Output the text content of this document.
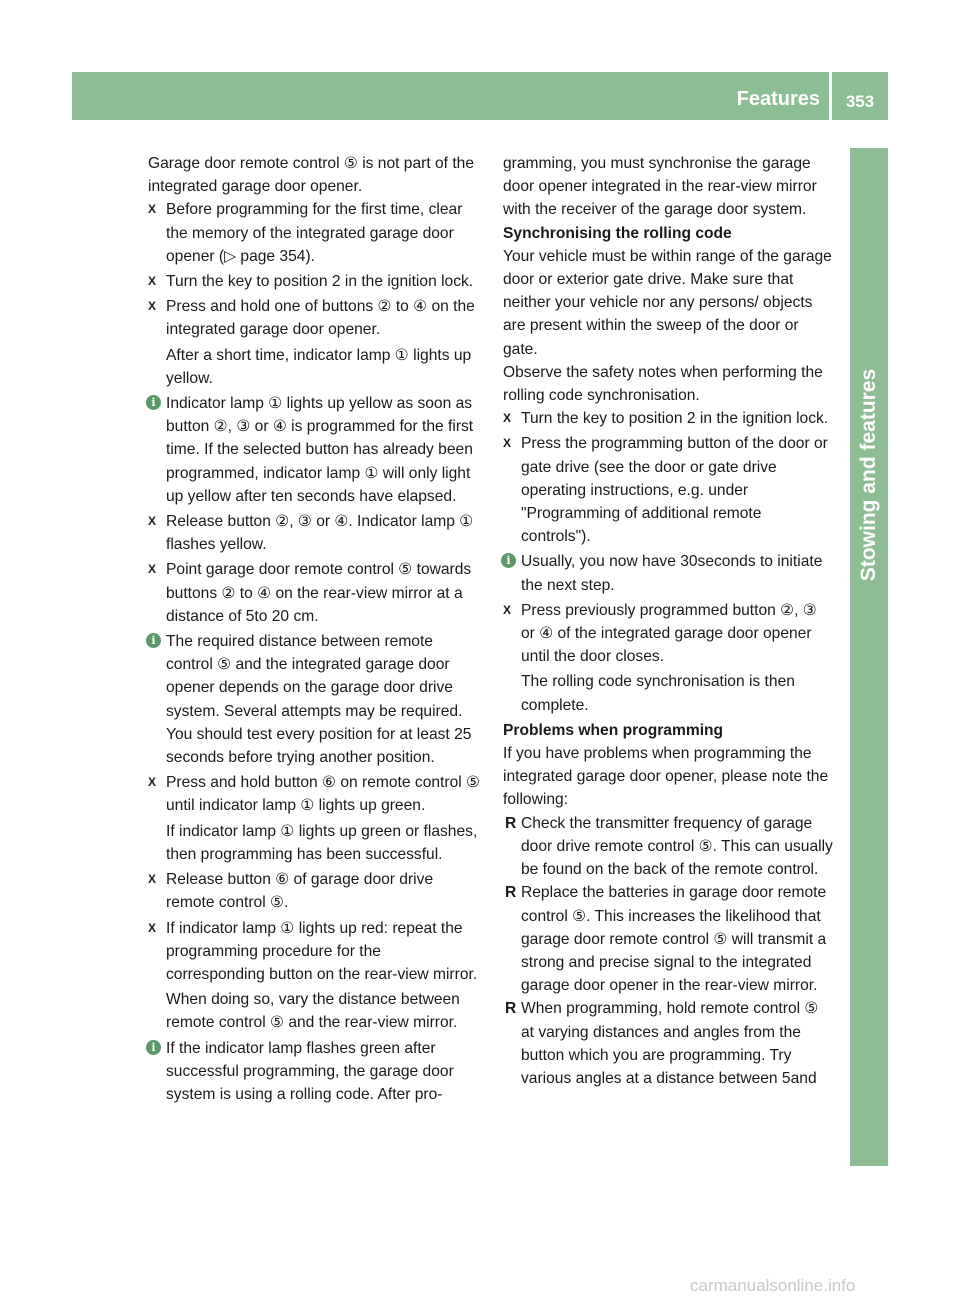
Features	353
Stowing and features

Garage door remote control ⑤ is not part of the integrated garage door opener.

X Before programming for the first time, clear the memory of the integrated garage door opener (▷ page 354).
X Turn the key to position 2 in the ignition lock.
X Press and hold one of buttons ② to ④ on the integrated garage door opener.
After a short time, indicator lamp ① lights up yellow.
i Indicator lamp ① lights up yellow as soon as button ②, ③ or ④ is programmed for the first time. If the selected button has already been programmed, indicator lamp ① will only light up yellow after ten seconds have elapsed.
X Release button ②, ③ or ④. Indicator lamp ① flashes yellow.
X Point garage door remote control ⑤ towards buttons ② to ④ on the rear-view mirror at a distance of 5to 20 cm.
i The required distance between remote control ⑤ and the integrated garage door opener depends on the garage door drive system. Several attempts may be required. You should test every position for at least 25 seconds before trying another position.
X Press and hold button ⑥ on remote control ⑤ until indicator lamp ① lights up green.
If indicator lamp ① lights up green or flashes, then programming has been successful.
X Release button ⑥ of garage door drive remote control ⑤.
X If indicator lamp ① lights up red: repeat the programming procedure for the corresponding button on the rear-view mirror.
When doing so, vary the distance between remote control ⑤ and the rear-view mirror.
i If the indicator lamp flashes green after successful programming, the garage door system is using a rolling code. After pro-

gramming, you must synchronise the garage door opener integrated in the rear-view mirror with the receiver of the garage door system.

Synchronising the rolling code

Your vehicle must be within range of the garage door or exterior gate drive. Make sure that neither your vehicle nor any persons/ objects are present within the sweep of the door or gate.

Observe the safety notes when performing the rolling code synchronisation.

X Turn the key to position 2 in the ignition lock.
X Press the programming button of the door or gate drive (see the door or gate drive operating instructions, e.g. under "Programming of additional remote controls").
i Usually, you now have 30seconds to initiate the next step.
X Press previously programmed button ②, ③ or ④ of the integrated garage door opener until the door closes.
The rolling code synchronisation is then complete.

Problems when programming

If you have problems when programming the integrated garage door opener, please note the following:

R Check the transmitter frequency of garage door drive remote control ⑤. This can usually be found on the back of the remote control.
R Replace the batteries in garage door remote control ⑤. This increases the likelihood that garage door remote control ⑤ will transmit a strong and precise signal to the integrated garage door opener in the rear-view mirror.
R When programming, hold remote control ⑤ at varying distances and angles from the button which you are programming. Try various angles at a distance between 5and
carmanualsonline.info
